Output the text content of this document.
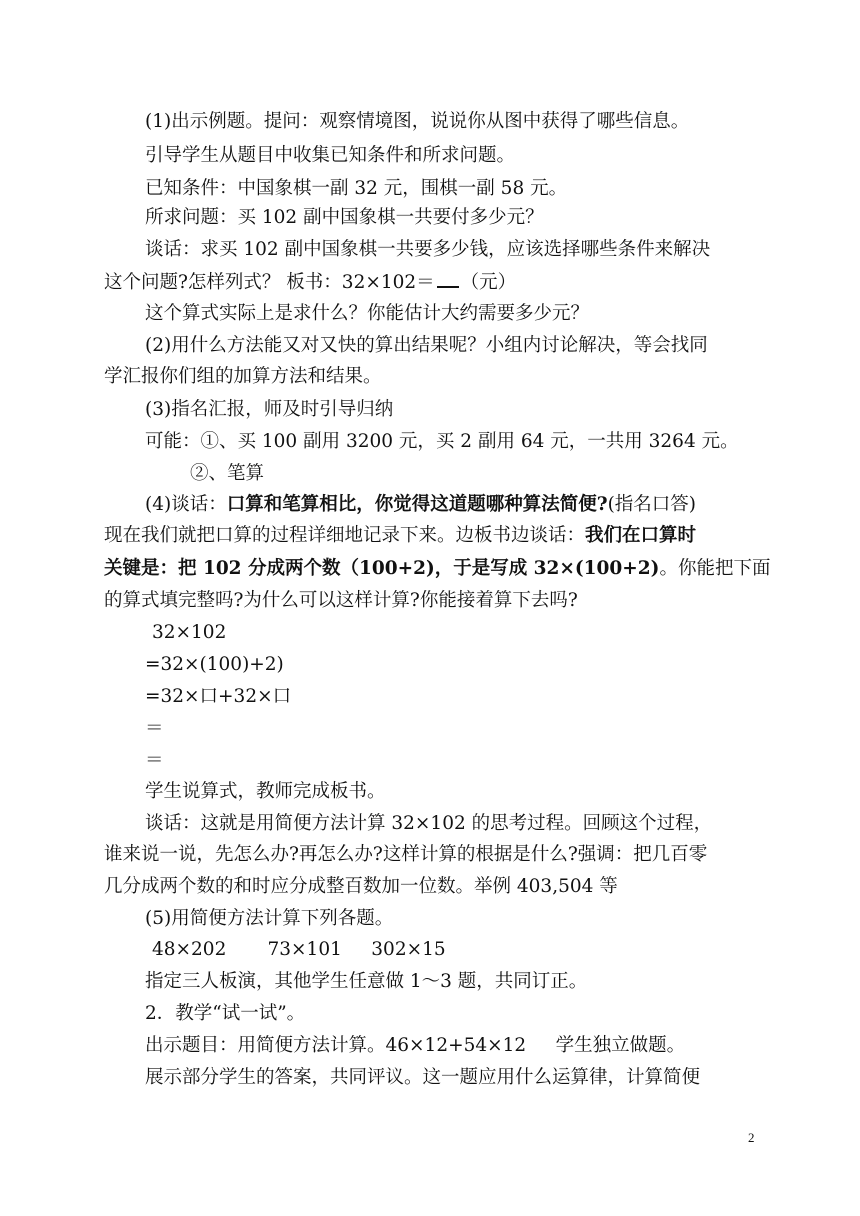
(1)出示例题。提问：观察情境图，说说你从图中获得了哪些信息。
引导学生从题目中收集已知条件和所求问题。
已知条件：中国象棋一副 32 元，围棋一副 58 元。
所求问题：买 102 副中国象棋一共要付多少元？
谈话：求买 102 副中国象棋一共要多少钱，应该选择哪些条件来解决
这个问题?怎样列式？ 板书：32×102＝ （元）
这个算式实际上是求什么？你能估计大约需要多少元？
(2)用什么方法能又对又快的算出结果呢？小组内讨论解决，等会找同
学汇报你们组的加算方法和结果。
(3)指名汇报，师及时引导归纳
可能：①、买 100 副用 3200 元，买 2 副用 64 元，一共用 3264 元。
②、笔算
(4)谈话：口算和笔算相比，你觉得这道题哪种算法简便?(指名口答)
现在我们就把口算的过程详细地记录下来。边板书边谈话：我们在口算时
关键是：把 102 分成两个数（100+2)，于是写成 32×(100+2)。你能把下面
的算式填完整吗?为什么可以这样计算?你能接着算下去吗?
32×102
=32×(100)+2)
=32×口+32×口
＝
＝
学生说算式，教师完成板书。
谈话：这就是用简便方法计算 32×102 的思考过程。回顾这个过程，
谁来说一说，先怎么办?再怎么办?这样计算的根据是什么?强调：把几百零
几分成两个数的和时应分成整百数加一位数。举例 403,504 等
(5)用简便方法计算下列各题。
48×202       73×101     302×15
指定三人板演，其他学生任意做 1～3 题，共同订正。
2．教学“试一试”。
出示题目：用简便方法计算。46×12+54×12     学生独立做题。
展示部分学生的答案，共同评议。这一题应用什么运算律，计算简便
2
